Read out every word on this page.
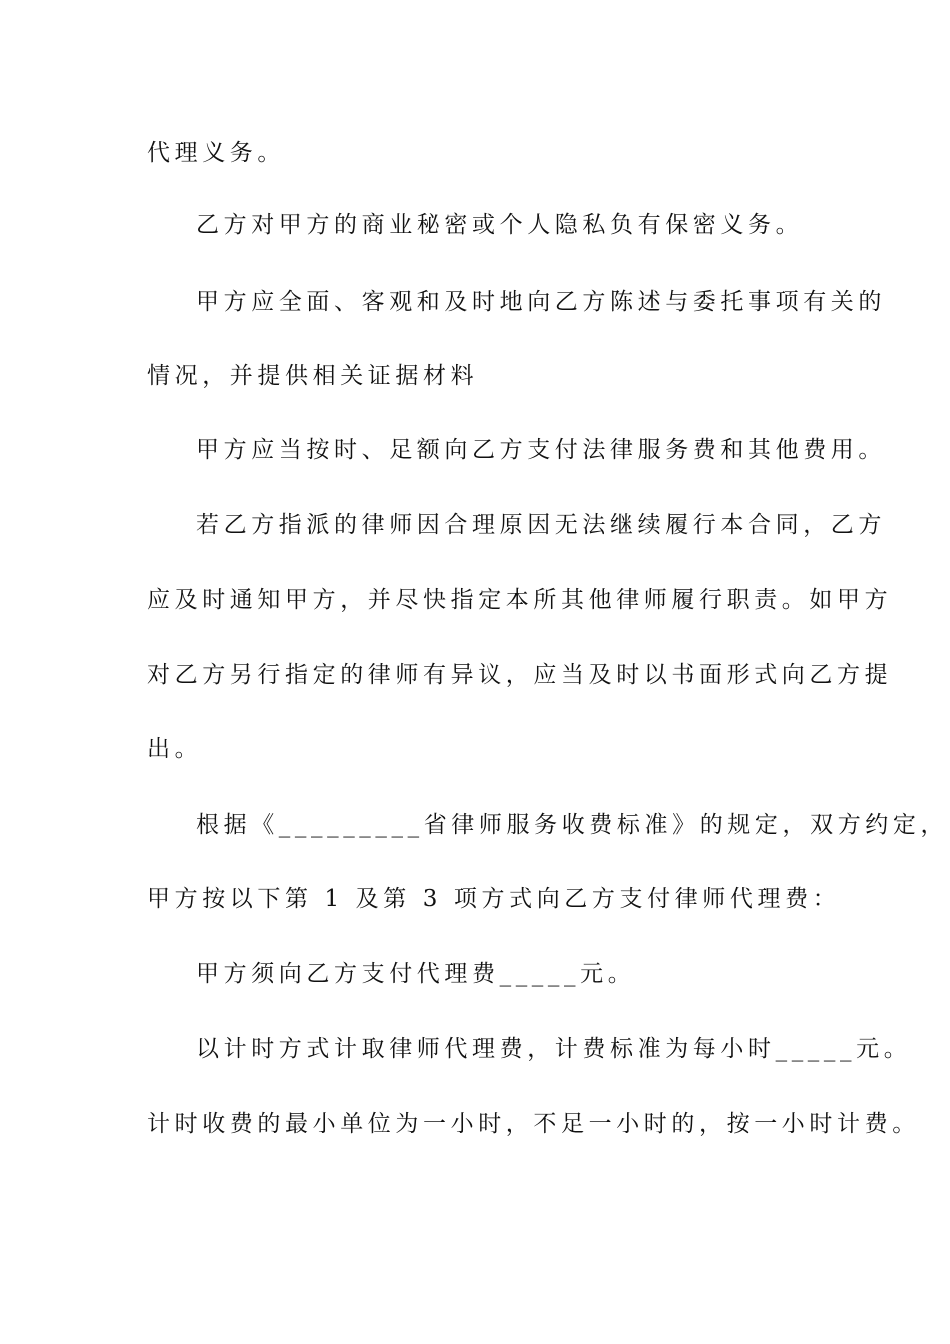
代理义务。
乙方对甲方的商业秘密或个人隐私负有保密义务。
甲方应全面、客观和及时地向乙方陈述与委托事项有关的
情况，并提供相关证据材料
甲方应当按时、足额向乙方支付法律服务费和其他费用。
若乙方指派的律师因合理原因无法继续履行本合同，乙方
应及时通知甲方，并尽快指定本所其他律师履行职责。如甲方
对乙方另行指定的律师有异议，应当及时以书面形式向乙方提
出。
根据《_________省律师服务收费标准》的规定，双方约定，
甲方按以下第 1 及第 3 项方式向乙方支付律师代理费：
甲方须向乙方支付代理费_____元。
以计时方式计取律师代理费，计费标准为每小时_____元。
计时收费的最小单位为一小时，不足一小时的，按一小时计费。
